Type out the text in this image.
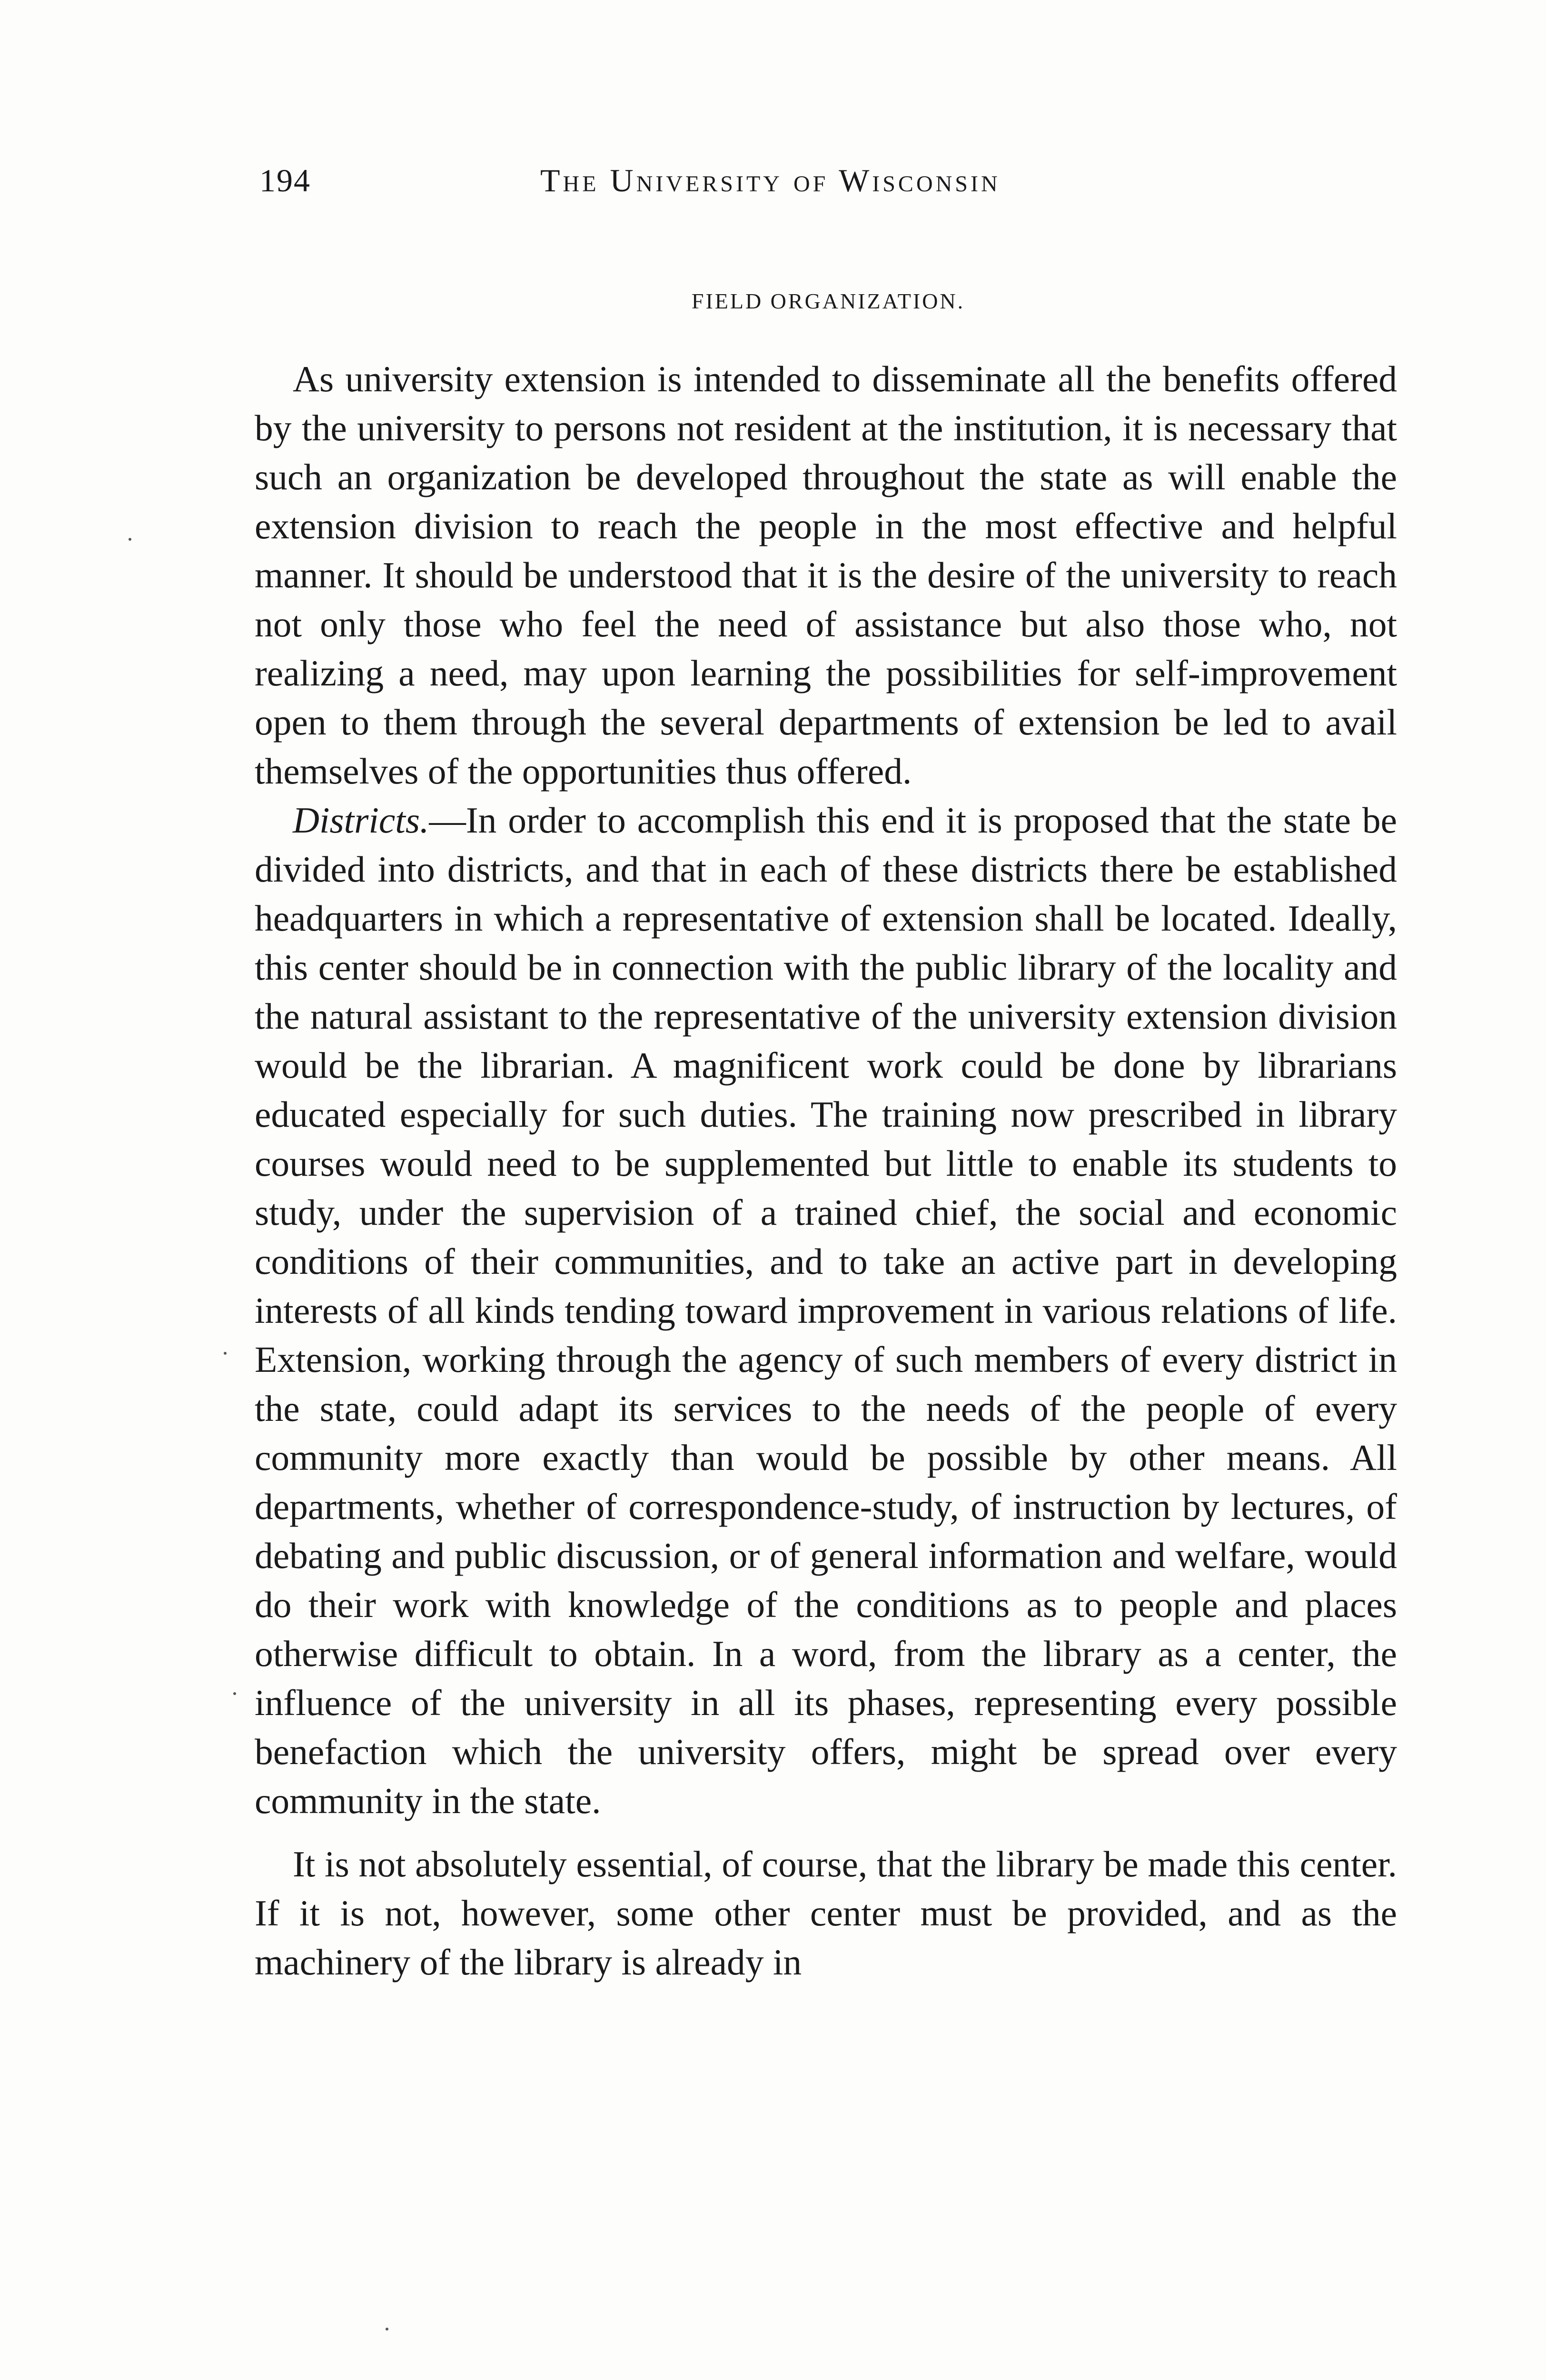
194	The University of Wisconsin
FIELD ORGANIZATION.

As university extension is intended to disseminate all the benefits offered by the university to persons not resident at the institution, it is necessary that such an organization be developed throughout the state as will enable the extension division to reach the people in the most effective and helpful manner. It should be understood that it is the desire of the university to reach not only those who feel the need of assistance but also those who, not realizing a need, may upon learning the possibilities for self-improvement open to them through the several departments of extension be led to avail themselves of the opportunities thus offered.

Districts.—In order to accomplish this end it is proposed that the state be divided into districts, and that in each of these districts there be established headquarters in which a representative of extension shall be located. Ideally, this center should be in connection with the public library of the locality and the natural assistant to the representative of the university extension division would be the librarian. A magnificent work could be done by librarians educated especially for such duties. The training now prescribed in library courses would need to be supplemented but little to enable its students to study, under the supervision of a trained chief, the social and economic conditions of their communities, and to take an active part in developing interests of all kinds tending toward improvement in various relations of life. Extension, working through the agency of such members of every district in the state, could adapt its services to the needs of the people of every community more exactly than would be possible by other means. All departments, whether of correspondence-study, of instruction by lectures, of debating and public discussion, or of general information and welfare, would do their work with knowledge of the conditions as to people and places otherwise difficult to obtain. In a word, from the library as a center, the influence of the university in all its phases, representing every possible benefaction which the university offers, might be spread over every community in the state.

It is not absolutely essential, of course, that the library be made this center. If it is not, however, some other center must be provided, and as the machinery of the library is already in
